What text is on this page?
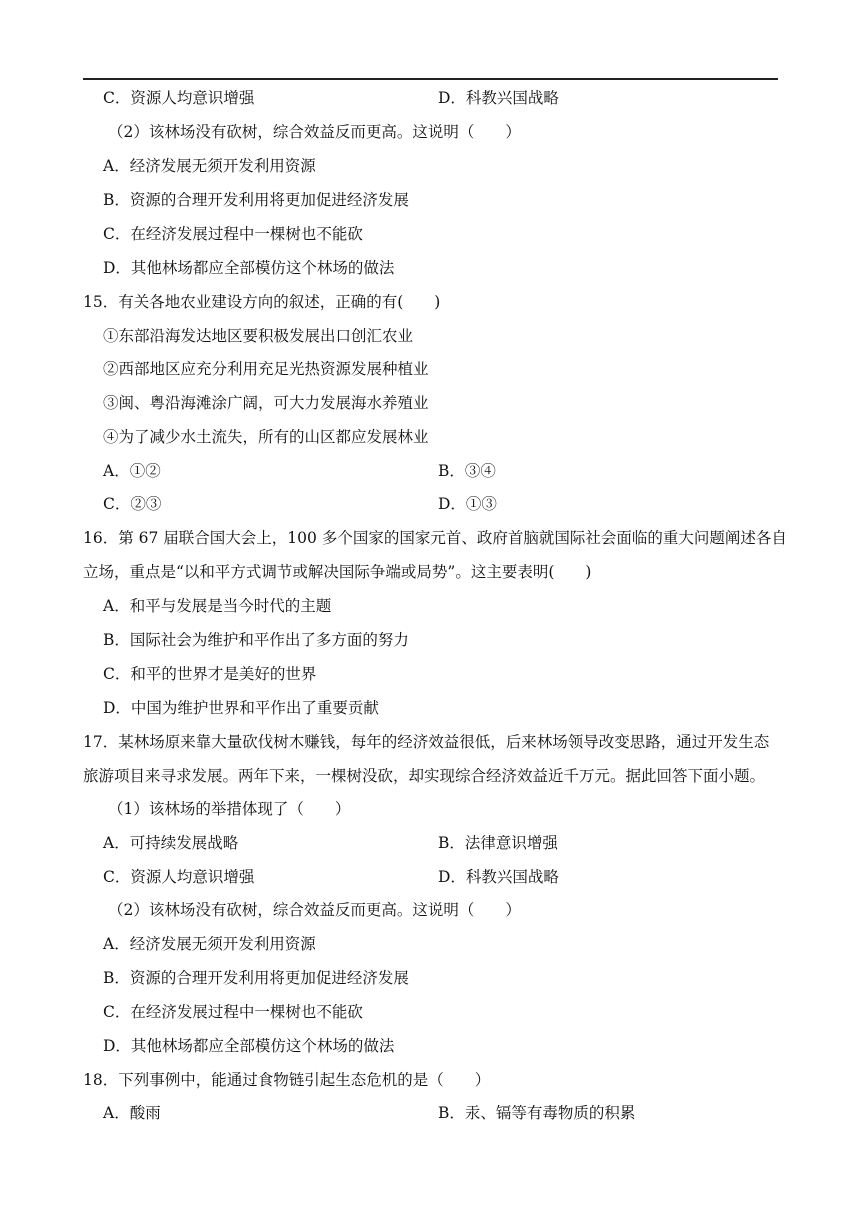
C．资源人均意识增强	D．科教兴国战略
（2）该林场没有砍树，综合效益反而更高。这说明（　　）
A．经济发展无须开发利用资源
B．资源的合理开发利用将更加促进经济发展
C．在经济发展过程中一棵树也不能砍
D．其他林场都应全部模仿这个林场的做法
15．有关各地农业建设方向的叙述，正确的有(　　)
①东部沿海发达地区要积极发展出口创汇农业
②西部地区应充分利用充足光热资源发展种植业
③闽、粤沿海滩涂广阔，可大力发展海水养殖业
④为了减少水土流失，所有的山区都应发展林业
A．①②	B．③④
C．②③	D．①③
16．第 67 届联合国大会上，100 多个国家的国家元首、政府首脑就国际社会面临的重大问题阐述各自
立场，重点是“以和平方式调节或解决国际争端或局势”。这主要表明(　　)
A．和平与发展是当今时代的主题
B．国际社会为维护和平作出了多方面的努力
C．和平的世界才是美好的世界
D．中国为维护世界和平作出了重要贡献
17．某林场原来靠大量砍伐树木赚钱，每年的经济效益很低，后来林场领导改变思路，通过开发生态
旅游项目来寻求发展。两年下来，一棵树没砍，却实现综合经济效益近千万元。据此回答下面小题。
（1）该林场的举措体现了（　　）
A．可持续发展战略	B．法律意识增强
C．资源人均意识增强	D．科教兴国战略
（2）该林场没有砍树，综合效益反而更高。这说明（　　）
A．经济发展无须开发利用资源
B．资源的合理开发利用将更加促进经济发展
C．在经济发展过程中一棵树也不能砍
D．其他林场都应全部模仿这个林场的做法
18．下列事例中，能通过食物链引起生态危机的是（　　）
A．酸雨	B．汞、镉等有毒物质的积累
